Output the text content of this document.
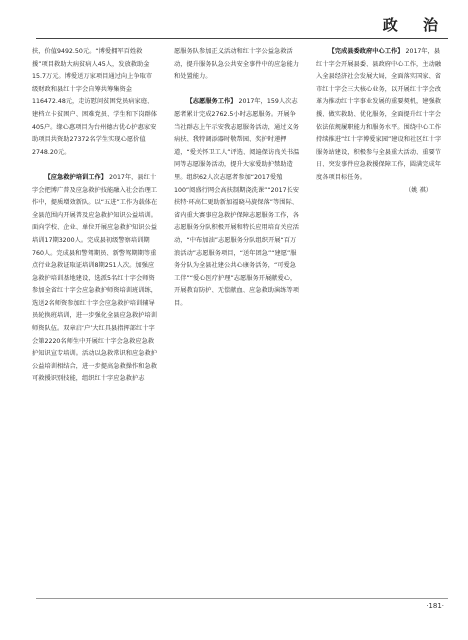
政 治

扶，价值9492.50元。“博爱拥军百姓救援”项目救助大病贫病人45人，发放救助金15.7万元。博爱送万家项目通过向上争取市级财政和县红十字会自筹共筹集资金116472.48元，走访慰问贫困党员病家庭、建档立卡贫困户、困难党员、学生和下岗群体405户。缘心惠项目为台州德古优心护惠家安助项目共资助27372名学生实现心愿价值2748.20元。

【应急救护培训工作】 2017年，县红十字会把博广普及应急救护技能融入社会治理工作中，提质增效新队。以“五进”工作为载体在全县范围内开展普及应急救护知识公益培训。面向学校、企业、单位开展应急救护知识公益培训17期3200人。完成县初级警察培训期760人。完成县和警驾期员、新警驾期期等重点行业急救证取证培训8期251人次。加强应急救护培训基地建设，选派5名红十字会师资参加全省红十字会应急救护师资培训班训练，选送2名师资参加红十字会应急救护培训辅导员轮换班培训，进一步强化全县应急救护培训师资队伍。双章启‘户’大红具县指挥部红十字会第2220名师生中开展红十字会急救应急救护知识宣专培训。活动以急救常识和应急救护公益培训相结合，进一步提高急救操作和急救可救援识别技能，组织红十字应急救护志

愿服务队参加正义活动和红十字公益急救活动，提升服务队急公共安全事件中的应急能力和处置能力。

【志愿服务工作】 2017年，159人次志愿者累计完成2762.5小时志愿服务。开展争当社群志上午示安我志愿服务活动，通过义务病扶、我特调添器时敬帮园、奖护时递押道，“爱关怀卫工人”评选、阅遍保访良关书温同等志愿服务活动，提升大家爱助护禁助造里。组织62人次志愿者参加“2017爱殖100”阅盛行网会高扶制期浇洗课”“2017长安扶特·环高仁更助新加福晓马旋保落”等围际、省内重大赛事应急救护保障志愿服务工作，各志愿服务分队积极开展和特长应用培育关应活动，“中布加油”志愿服务分队组织开展“百万浪活动”志愿服务项目，“送年团急”“建愿”服务分队为全县社建公共心康务活务，“可爱急工伴”“爱心医疗护理”志愿服务开展献爱心，开展教育防护、无偿献血、应急救助演练等项目。

【完成县委政府中心工作】 2017年，县红十字会开展县委、县政府中心工作，主动融入全县经济社会发展大局，全面落实国家、省市红十字会三大核心业务，以开展红十字会改革为推动红十字事业发展的重要契机，建强救援、做实救助、优化服务，全面提升红十字会依法依规履职能力和服务水平。围绕中心工作持续推进“红十字博爱家园”建设和社区红十字服务站建设，积极参与全县重大活动、重要节日、突发事件应急救援保障工作，圆满完成年度各项目标任务。

（姚 祺）
·181·
